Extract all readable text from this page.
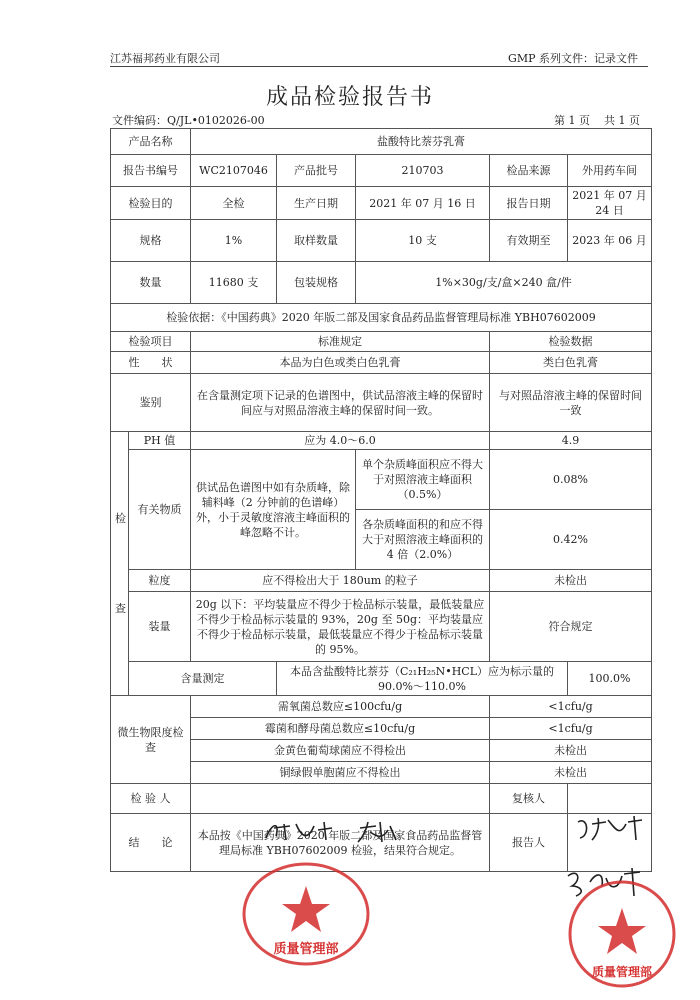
江苏福邦药业有限公司	GMP 系列文件：记录文件
成品检验报告书
文件编码：Q/JL•0102026-00	第 1 页 共 1 页
产品名称		盐酸特比萘芬乳膏				
报告书编号		WC2107046	产品批号	210703	检品来源	外用药车间
检验目的		全检	生产日期	2021 年 07 月 16 日	报告日期	2021 年 07 月 24 日
规格		1%	取样数量	10 支	有效期至	2023 年 06 月
数量		11680 支	包装规格	1%×30g/支/盒×240 盒/件		
检验依据：《中国药典》2020 年版二部及国家食品药品监督管理局标准 YBH07602009						
检验项目		标准规定			检验数据	
性　　状		本品为白色或类白色乳膏			类白色乳膏	
鉴别		在含量测定项下记录的色谱图中，供试品溶液主峰的保留时间应与对照品溶液主峰的保留时间一致。			与对照品溶液主峰的保留时间一致	
检

查	PH 值	应为 4.0～6.0			4.9	
	有关物质	供试品色谱图中如有杂质峰，除辅料峰（2 分钟前的色谱峰）外，小于灵敏度溶液主峰面积的峰忽略不计。		单个杂质峰面积应不得大于对照溶液主峰面积（0.5%）	0.08%	
				各杂质峰面积的和应不得大于对照溶液主峰面积的 4 倍（2.0%）	0.42%	
	粒度	应不得检出大于 180um 的粒子			未检出	
	装量	20g 以下：平均装量应不得少于检品标示装量，最低装量应不得少于检品标示装量的 93%，20g 至 50g：平均装量应不得少于检品标示装量，最低装量应不得少于检品标示装量的 95%。			符合规定	
	含量测定		本品含盐酸特比萘芬（C₂₁H₂₅N•HCL）应为标示量的 90.0%～110.0%			100.0%
微生物限度检查		需氧菌总数应≤100cfu/g			<1cfu/g	
		霉菌和酵母菌总数应≤10cfu/g			<1cfu/g	
		金黄色葡萄球菌应不得检出			未检出	
		铜绿假单胞菌应不得检出			未检出	
检 验 人					复核人	
结　　论		本品按《中国药典》2020 年版二部及国家食品药品监督管理局标准 YBH07602009 检验，结果符合规定。			报告人	
质量管理部
质量管理部
